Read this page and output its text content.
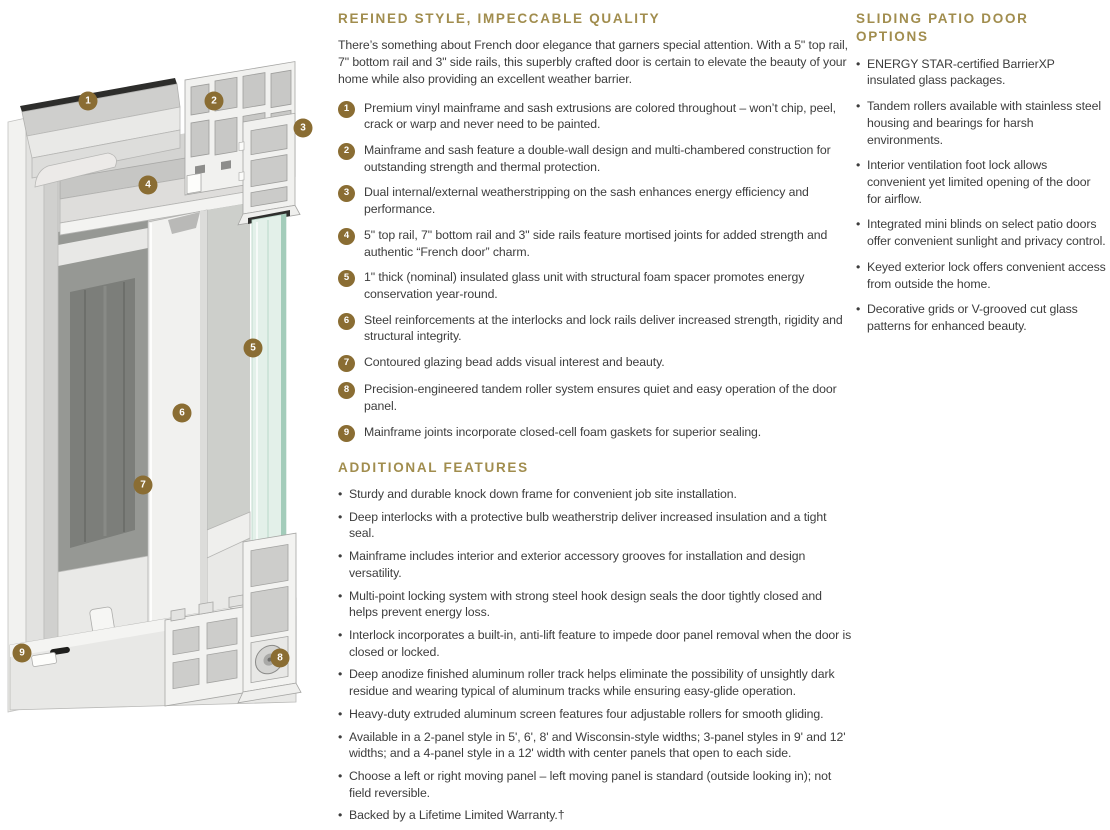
1	2
3
4
5
6
7
8
9
REFINED STYLE, IMPECCABLE QUALITY

There’s something about French door elegance that garners special attention. With a 5" top rail, 7" bottom rail and 3" side rails, this superbly crafted door is certain to elevate the beauty of your home while also providing an excellent weather barrier.

1	Premium vinyl mainframe and sash extrusions are colored throughout – won’t chip, peel, crack or warp and never need to be painted.
2	Mainframe and sash feature a double-wall design and multi-chambered construction for outstanding strength and thermal protection.
3	Dual internal/external weatherstripping on the sash enhances energy efficiency and performance.
4	5" top rail, 7" bottom rail and 3" side rails feature mortised joints for added strength and authentic “French door” charm.
5	1" thick (nominal) insulated glass unit with structural foam spacer promotes energy conservation year-round.
6	Steel reinforcements at the interlocks and lock rails deliver increased strength, rigidity and structural integrity.
7	Contoured glazing bead adds visual interest and beauty.
8	Precision-engineered tandem roller system ensures quiet and easy operation of the door panel.
9	Mainframe joints incorporate closed-cell foam gaskets for superior sealing.
ADDITIONAL FEATURES
• Sturdy and durable knock down frame for convenient job site installation.
• Deep interlocks with a protective bulb weatherstrip deliver increased insulation and a tight seal.
• Mainframe includes interior and exterior accessory grooves for installation and design versatility.
• Multi-point locking system with strong steel hook design seals the door tightly closed and helps prevent energy loss.
• Interlock incorporates a built-in, anti-lift feature to impede door panel removal when the door is closed or locked.
• Deep anodize finished aluminum roller track helps eliminate the possibility of unsightly dark residue and wearing typical of aluminum tracks while ensuring easy-glide operation.
• Heavy-duty extruded aluminum screen features four adjustable rollers for smooth gliding.
• Available in a 2-panel style in 5', 6', 8' and Wisconsin-style widths; 3-panel styles in 9' and 12' widths; and a 4-panel style in a 12' width with center panels that open to each side.
• Choose a left or right moving panel – left moving panel is standard (outside looking in); not field reversible.
• Backed by a Lifetime Limited Warranty.†
SLIDING PATIO DOOR OPTIONS
• ENERGY STAR-certified BarrierXP insulated glass packages.
• Tandem rollers available with stainless steel housing and bearings for harsh environments.
• Interior ventilation foot lock allows convenient yet limited opening of the door for airflow.
• Integrated mini blinds on select patio doors offer convenient sunlight and privacy control.
• Keyed exterior lock offers convenient access from outside the home.
• Decorative grids or V-grooved cut glass patterns for enhanced beauty.
